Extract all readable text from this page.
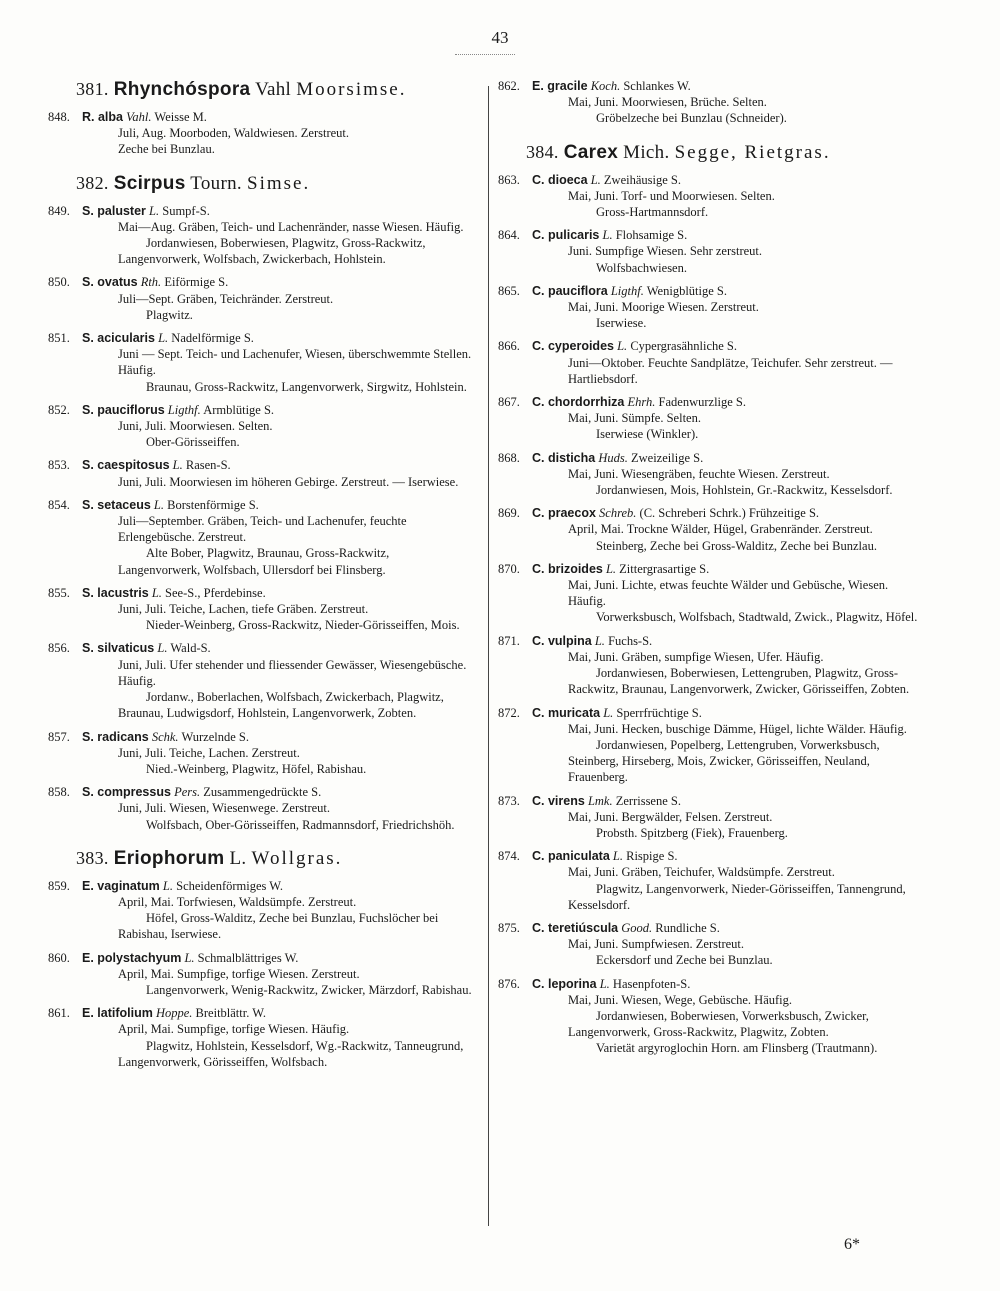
43
381. Rhynchóspora Vahl Moorsimse.
848. R. alba Vahl. Weisse M.
Juli, Aug. Moorboden, Waldwiesen. Zerstreut.
Zeche bei Bunzlau.
382. Scirpus Tourn. Simse.
849. S. paluster L. Sumpf-S.
Mai—Aug. Gräben, Teich- und Lachenränder, nasse Wiesen. Häufig.
Jordanwiesen, Boberwiesen, Plagwitz, Gross-Rackwitz, Langenvorwerk, Wolfsbach, Zwickerbach, Hohlstein.
850. S. ovatus Rth. Eiförmige S.
Juli—Sept. Gräben, Teichränder. Zerstreut.
Plagwitz.
851. S. acicularis L. Nadelförmige S.
Juni — Sept. Teich- und Lachenufer, Wiesen, überschwemmte Stellen. Häufig.
Braunau, Gross-Rackwitz, Langenvorwerk, Sirgwitz, Hohlstein.
852. S. pauciflorus Ligthf. Armblütige S.
Juni, Juli. Moorwiesen. Selten.
Ober-Görisseiffen.
853. S. caespitosus L. Rasen-S.
Juni, Juli. Moorwiesen im höheren Gebirge. Zerstreut. — Iserwiese.
854. S. setaceus L. Borstenförmige S.
Juli—September. Gräben, Teich- und Lachenufer, feuchte Erlengebüsche. Zerstreut.
Alte Bober, Plagwitz, Braunau, Gross-Rackwitz, Langenvorwerk, Wolfsbach, Ullersdorf bei Flinsberg.
855. S. lacustris L. See-S., Pferdebinse.
Juni, Juli. Teiche, Lachen, tiefe Gräben. Zerstreut.
Nieder-Weinberg, Gross-Rackwitz, Nieder-Görisseiffen, Mois.
856. S. silvaticus L. Wald-S.
Juni, Juli. Ufer stehender und fliessender Gewässer, Wiesengebüsche. Häufig.
Jordanw., Boberlachen, Wolfsbach, Zwickerbach, Plagwitz, Braunau, Ludwigsdorf, Hohlstein, Langenvorwerk, Zobten.
857. S. radicans Schk. Wurzelnde S.
Juni, Juli. Teiche, Lachen. Zerstreut.
Nied.-Weinberg, Plagwitz, Höfel, Rabishau.
858. S. compressus Pers. Zusammengedrückte S.
Juni, Juli. Wiesen, Wiesenwege. Zerstreut.
Wolfsbach, Ober-Görisseiffen, Radmannsdorf, Friedrichshöh.
383. Eriophorum L. Wollgras.
859. E. vaginatum L. Scheidenförmiges W.
April, Mai. Torfwiesen, Waldsümpfe. Zerstreut.
Höfel, Gross-Walditz, Zeche bei Bunzlau, Fuchslöcher bei Rabishau, Iserwiese.
860. E. polystachyum L. Schmalblättriges W.
April, Mai. Sumpfige, torfige Wiesen. Zerstreut.
Langenvorwerk, Wenig-Rackwitz, Zwicker, Märzdorf, Rabishau.
861. E. latifolium Hoppe. Breitblättr. W.
April, Mai. Sumpfige, torfige Wiesen. Häufig.
Plagwitz, Hohlstein, Kesselsdorf, Wg.-Rackwitz, Tanneugrund, Langenvorwerk, Görisseiffen, Wolfsbach.
862. E. gracile Koch. Schlankes W.
Mai, Juni. Moorwiesen, Brüche. Selten.
Gröbelzeche bei Bunzlau (Schneider).
384. Carex Mich. Segge, Rietgras.
863. C. dioeca L. Zweihäusige S.
Mai, Juni. Torf- und Moorwiesen. Selten.
Gross-Hartmannsdorf.
864. C. pulicaris L. Flohsamige S.
Juni. Sumpfige Wiesen. Sehr zerstreut.
Wolfsbachwiesen.
865. C. pauciflora Ligthf. Wenigblütige S.
Mai, Juni. Moorige Wiesen. Zerstreut.
Iserwiese.
866. C. cyperoides L. Cypergrasähnliche S.
Juni—Oktober. Feuchte Sandplätze, Teichufer. Sehr zerstreut. — Hartliebsdorf.
867. C. chordorrhiza Ehrh. Fadenwurzlige S.
Mai, Juni. Sümpfe. Selten.
Iserwiese (Winkler).
868. C. disticha Huds. Zweizeilige S.
Mai, Juni. Wiesengräben, feuchte Wiesen. Zerstreut.
Jordanwiesen, Mois, Hohlstein, Gr.-Rackwitz, Kesselsdorf.
869. C. praecox Schreb. (C. Schreberi Schrk.) Frühzeitige S.
April, Mai. Trockne Wälder, Hügel, Grabenränder. Zerstreut.
Steinberg, Zeche bei Gross-Walditz, Zeche bei Bunzlau.
870. C. brizoides L. Zittergrasartige S.
Mai, Juni. Lichte, etwas feuchte Wälder und Gebüsche, Wiesen. Häufig.
Vorwerksbusch, Wolfsbach, Stadtwald, Zwick., Plagwitz, Höfel.
871. C. vulpina L. Fuchs-S.
Mai, Juni. Gräben, sumpfige Wiesen, Ufer. Häufig.
Jordanwiesen, Boberwiesen, Lettengruben, Plagwitz, Gross-Rackwitz, Braunau, Langenvorwerk, Zwicker, Görisseiffen, Zobten.
872. C. muricata L. Sperrfrüchtige S.
Mai, Juni. Hecken, buschige Dämme, Hügel, lichte Wälder. Häufig.
Jordanwiesen, Popelberg, Lettengruben, Vorwerksbusch, Steinberg, Hirseberg, Mois, Zwicker, Görisseiffen, Neuland, Frauenberg.
873. C. virens Lmk. Zerrissene S.
Mai, Juni. Bergwälder, Felsen. Zerstreut.
Probsth. Spitzberg (Fiek), Frauenberg.
874. C. paniculata L. Rispige S.
Mai, Juni. Gräben, Teichufer, Waldsümpfe. Zerstreut.
Plagwitz, Langenvorwerk, Nieder-Görisseiffen, Tannengrund, Kesselsdorf.
875. C. teretiúscula Good. Rundliche S.
Mai, Juni. Sumpfwiesen. Zerstreut.
Eckersdorf und Zeche bei Bunzlau.
876. C. leporina L. Hasenpfoten-S.
Mai, Juni. Wiesen, Wege, Gebüsche. Häufig.
Jordanwiesen, Boberwiesen, Vorwerksbusch, Zwicker, Langenvorwerk, Gross-Rackwitz, Plagwitz, Zobten.
Varietät argyroglochin Horn. am Flinsberg (Trautmann).
6*
